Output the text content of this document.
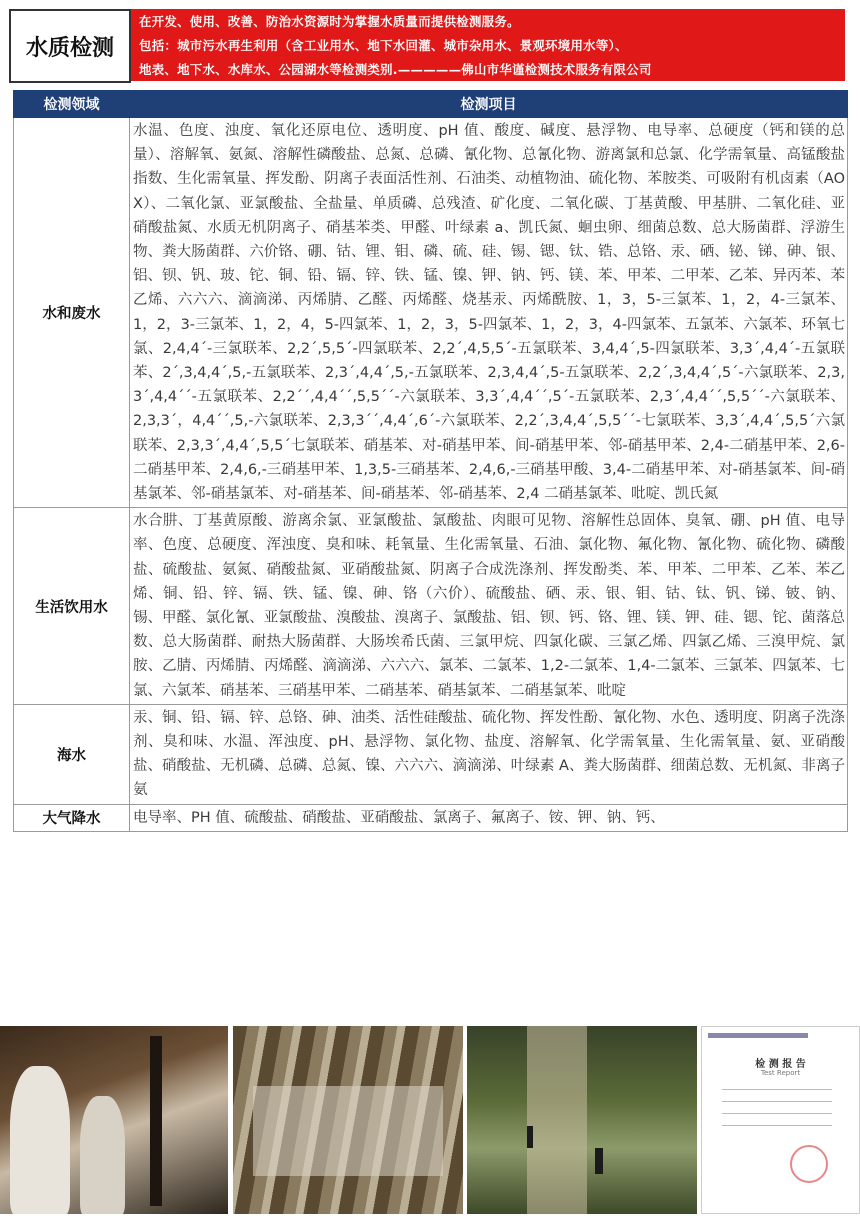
水质检测
在开发、使用、改善、防治水资源时为掌握水质量而提供检测服务。
包括：城市污水再生利用（含工业用水、地下水回灌、城市杂用水、景观环境用水等）、
地表、地下水、水库水、公园湖水等检测类别.—————佛山市华谨检测技术服务有限公司
检测领域	检测项目
水和废水	水温、色度、浊度、氧化还原电位、透明度、pH 值、酸度、碱度、悬浮物、电导率、总硬度（钙和镁的总量）、溶解氧、氨氮、溶解性磷酸盐、总氮、总磷、氰化物、总氰化物、游离氯和总氯、化学需氧量、高锰酸盐指数、生化需氧量、挥发酚、阴离子表面活性剂、石油类、动植物油、硫化物、苯胺类、可吸附有机卤素（AOX）、二氧化氯、亚氯酸盐、全盐量、单质磷、总残渣、矿化度、二氧化碳、丁基黄酸、甲基肼、二氧化硅、亚硝酸盐氮、水质无机阴离子、硝基苯类、甲醛、叶绿素 a、凯氏氮、蛔虫卵、细菌总数、总大肠菌群、浮游生物、粪大肠菌群、六价铬、硼、钴、锂、钼、磷、硫、硅、锡、锶、钛、锆、总铬、汞、硒、铋、锑、砷、银、铝、钡、钒、玻、铊、铜、铅、镉、锌、铁、锰、镍、钾、钠、钙、镁、苯、甲苯、二甲苯、乙苯、异丙苯、苯乙烯、六六六、滴滴涕、丙烯腈、乙醛、丙烯醛、烧基汞、丙烯酰胺、1，3，5-三氯苯、1，2，4-三氯苯、1，2，3-三氯苯、1，2，4，5-四氯苯、1，2，3，5-四氯苯、1，2，3，4-四氯苯、五氯苯、六氯苯、环氧七氯、2,4,4´-三氯联苯、2,2´,5,5´-四氯联苯、2,2´,4,5,5´-五氯联苯、3,4,4´,5-四氯联苯、3,3´,4,4´-五氯联苯、2´,3,4,4´,5,-五氯联苯、2,3´,4,4´,5,-五氯联苯、2,3,4,4´,5-五氯联苯、2,2´,3,4,4´,5´-六氯联苯、2,3,3´,4,4´´-五氯联苯、2,2´´,4,4´´,5,5´´-六氯联苯、3,3´,4,4´´,5´-五氯联苯、2,3´,4,4´´,5,5´´-六氯联苯、2,3,3´，4,4´´,5,-六氯联苯、2,3,3´´,4,4´,6´-六氯联苯、2,2´,3,4,4´,5,5´´-七氯联苯、3,3´,4,4´,5,5´六氯联苯、2,3,3´,4,4´,5,5´七氯联苯、硝基苯、对-硝基甲苯、间-硝基甲苯、邻-硝基甲苯、2,4-二硝基甲苯、2,6-二硝基甲苯、2,4,6,-三硝基甲苯、1,3,5-三硝基苯、2,4,6,-三硝基甲酸、3,4-二硝基甲苯、对-硝基氯苯、间-硝基氯苯、邻-硝基氯苯、对-硝基苯、间-硝基苯、邻-硝基苯、2,4 二硝基氯苯、吡啶、凯氏氮
生活饮用水	水合肼、丁基黄原酸、游离余氯、亚氯酸盐、氯酸盐、肉眼可见物、溶解性总固体、臭氧、硼、pH 值、电导率、色度、总硬度、浑浊度、臭和味、耗氧量、生化需氧量、石油、氯化物、氟化物、氰化物、硫化物、磷酸盐、硫酸盐、氨氮、硝酸盐氮、亚硝酸盐氮、阴离子合成洗涤剂、挥发酚类、苯、甲苯、二甲苯、乙苯、苯乙烯、铜、铅、锌、镉、铁、锰、镍、砷、铬（六价）、硫酸盐、硒、汞、银、钼、钴、钛、钒、锑、铍、钠、锡、甲醛、氯化氰、亚氯酸盐、溴酸盐、溴离子、氯酸盐、铝、钡、钙、铬、锂、镁、钾、硅、锶、铊、菌落总数、总大肠菌群、耐热大肠菌群、大肠埃希氏菌、三氯甲烷、四氯化碳、三氯乙烯、四氯乙烯、三溴甲烷、氯胺、乙腈、丙烯腈、丙烯醛、滴滴涕、六六六、氯苯、二氯苯、1,2-二氯苯、1,4-二氯苯、三氯苯、四氯苯、七氯、六氯苯、硝基苯、三硝基甲苯、二硝基苯、硝基氯苯、二硝基氯苯、吡啶
海水	汞、铜、铅、镉、锌、总铬、砷、油类、活性硅酸盐、硫化物、挥发性酚、氰化物、水色、透明度、阴离子洗涤剂、臭和味、水温、浑浊度、pH、悬浮物、氯化物、盐度、溶解氧、化学需氧量、生化需氧量、氨、亚硝酸盐、硝酸盐、无机磷、总磷、总氮、镍、六六六、滴滴涕、叶绿素 A、粪大肠菌群、细菌总数、无机氮、非离子氨
大气降水	电导率、PH 值、硫酸盐、硝酸盐、亚硝酸盐、氯离子、氟离子、铵、钾、钠、钙、
检 测 报 告
Test Report
